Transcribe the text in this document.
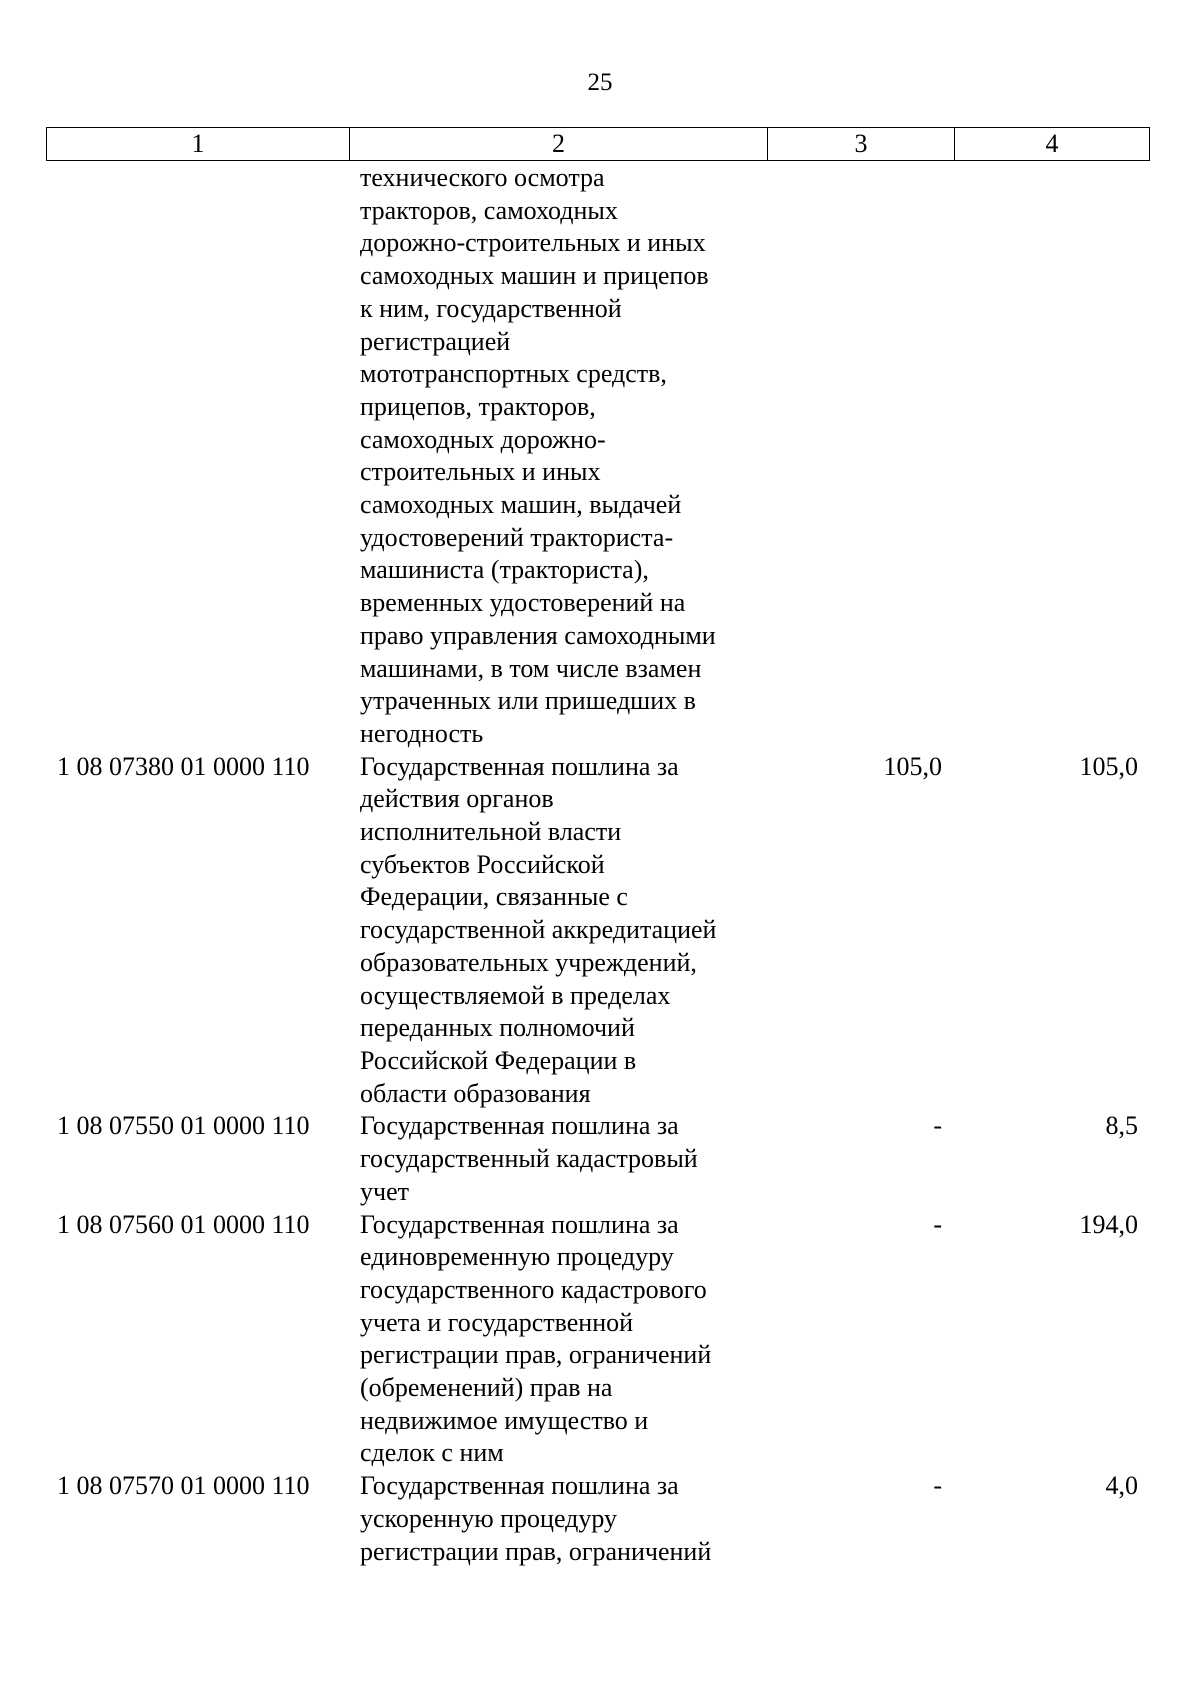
25
1	2	3	4
технического осмотра
тракторов, самоходных
дорожно-строительных и иных
самоходных машин и прицепов
к ним, государственной
регистрацией
мототранспортных средств,
прицепов, тракторов,
самоходных дорожно-
строительных и иных
самоходных машин, выдачей
удостоверений тракториста-
машиниста (тракториста),
временных удостоверений на
право управления самоходными
машинами, в том числе взамен
утраченных или пришедших в
негодность
1 08 07380 01 0000 110 Государственная пошлина за
действия органов
исполнительной власти
субъектов Российской
Федерации, связанные с
государственной аккредитацией
образовательных учреждений,
осуществляемой в пределах
переданных полномочий
Российской Федерации в
области образования
105,0	105,0
1 08 07550 01 0000 110 Государственная пошлина за
государственный кадастровый
учет
-	8,5
1 08 07560 01 0000 110 Государственная пошлина за
единовременную процедуру
государственного кадастрового
учета и государственной
регистрации прав, ограничений
(обременений) прав на
недвижимое имущество и
сделок с ним
-	194,0
1 08 07570 01 0000 110 Государственная пошлина за
ускоренную процедуру
регистрации прав, ограничений
-	4,0
